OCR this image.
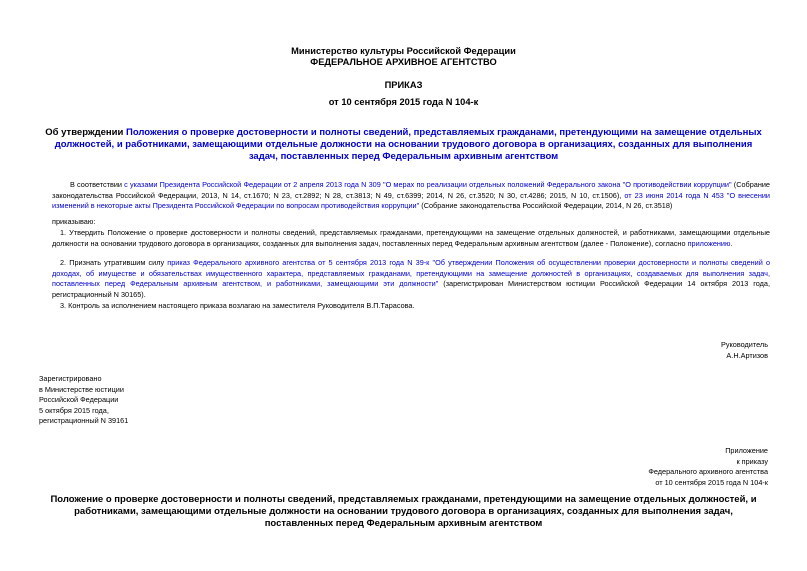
Министерство культуры Российской Федерации
ФЕДЕРАЛЬНОЕ АРХИВНОЕ АГЕНТСТВО
ПРИКАЗ
от 10 сентября 2015 года N 104-к
Об утверждении Положения о проверке достоверности и полноты сведений, представляемых гражданами, претендующими на замещение отдельных должностей, и работниками, замещающими отдельные должности на основании трудового договора в организациях, созданных для выполнения задач, поставленных перед Федеральным архивным агентством
В соответствии с указами Президента Российской Федерации от 2 апреля 2013 года N 309 "О мерах по реализации отдельных положений Федерального закона "О противодействии коррупции" (Собрание законодательства Российской Федерации, 2013, N 14, ст.1670; N 23, ст.2892; N 28, ст.3813; N 49, ст.6399; 2014, N 26, ст.3520; N 30, ст.4286; 2015, N 10, ст.1506), от 23 июня 2014 года N 453 "О внесении изменений в некоторые акты Президента Российской Федерации по вопросам противодействия коррупции" (Собрание законодательства Российской Федерации, 2014, N 26, ст.3518)
приказываю:
1. Утвердить Положение о проверке достоверности и полноты сведений, представляемых гражданами, претендующими на замещение отдельных должностей, и работниками, замещающими отдельные должности на основании трудового договора в организациях, созданных для выполнения задач, поставленных перед Федеральным архивным агентством (далее - Положение), согласно приложению.
2. Признать утратившим силу приказ Федерального архивного агентства от 5 сентября 2013 года N 39-к "Об утверждении Положения об осуществлении проверки достоверности и полноты сведений о доходах, об имуществе и обязательствах имущественного характера, представляемых гражданами, претендующими на замещение должностей в организациях, создаваемых для выполнения задач, поставленных перед Федеральным архивным агентством, и работниками, замещающими эти должности" (зарегистрирован Министерством юстиции Российской Федерации 14 октября 2013 года, регистрационный N 30165).
3. Контроль за исполнением настоящего приказа возлагаю на заместителя Руководителя В.П.Тарасова.
Руководитель
А.Н.Артизов
Зарегистрировано
в Министерстве юстиции
Российской Федерации
5 октября 2015 года,
регистрационный N 39161
Приложение
к приказу
Федерального архивного агентства
от 10 сентября 2015 года N 104-к
Положение о проверке достоверности и полноты сведений, представляемых гражданами, претендующими на замещение отдельных должностей, и работниками, замещающими отдельные должности на основании трудового договора в организациях, созданных для выполнения задач, поставленных перед Федеральным архивным агентством
